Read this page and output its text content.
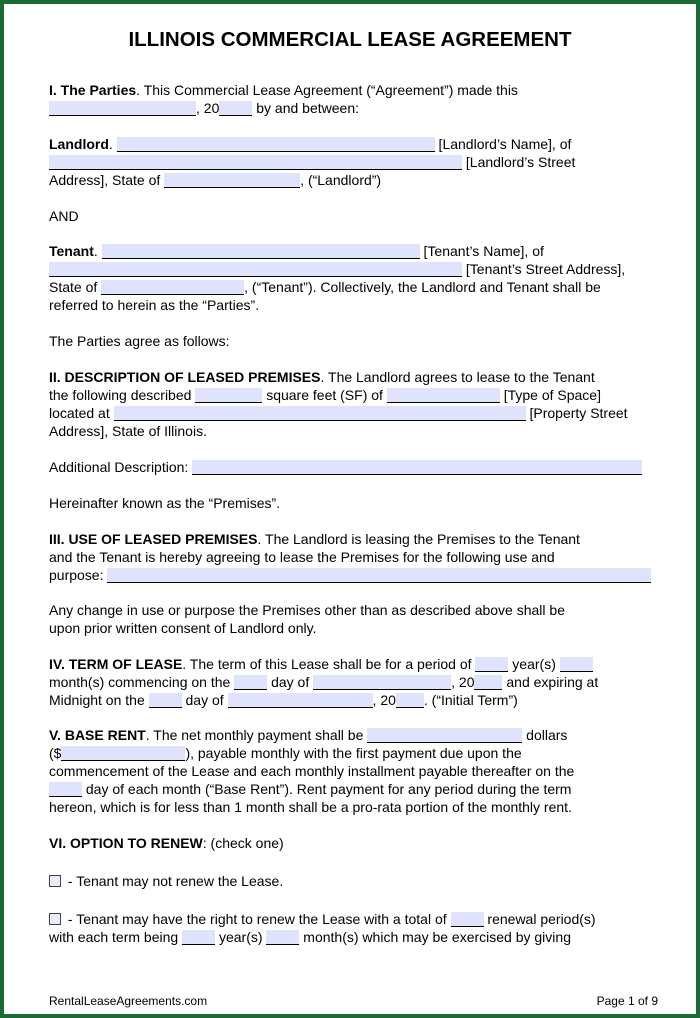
ILLINOIS COMMERCIAL LEASE AGREEMENT
I. The Parties. This Commercial Lease Agreement (“Agreement”) made this
, 20 by and between:
Landlord.	[Landlord’s Name], of
[Landlord’s Street
Address], State of	, (“Landlord”)
AND
Tenant.	[Tenant’s Name], of
[Tenant’s Street Address],
State of	, (“Tenant”). Collectively, the Landlord and Tenant shall be
referred to herein as the “Parties”.
The Parties agree as follows:
II. DESCRIPTION OF LEASED PREMISES. The Landlord agrees to lease to the Tenant
the following described	square feet (SF) of	[Type of Space]
located at	[Property Street
Address], State of Illinois.
Additional Description:
Hereinafter known as the “Premises”.
III. USE OF LEASED PREMISES. The Landlord is leasing the Premises to the Tenant
and the Tenant is hereby agreeing to lease the Premises for the following use and
purpose:
Any change in use or purpose the Premises other than as described above shall be
upon prior written consent of Landlord only.
IV. TERM OF LEASE. The term of this Lease shall be for a period of  year(s)
month(s) commencing on the  day of	, 20 and expiring at
Midnight on the  day of	, 20 . (“Initial Term”)
V. BASE RENT. The net monthly payment shall be	dollars
($	), payable monthly with the first payment due upon the
commencement of the Lease and each monthly installment payable thereafter on the
day of each month (“Base Rent”). Rent payment for any period during the term
hereon, which is for less than 1 month shall be a pro-rata portion of the monthly rent.
VI. OPTION TO RENEW: (check one)
- Tenant may not renew the Lease.
- Tenant may have the right to renew the Lease with a total of  renewal period(s)
with each term being  year(s)  month(s) which may be exercised by giving
RentalLeaseAgreements.com	Page 1 of 9
